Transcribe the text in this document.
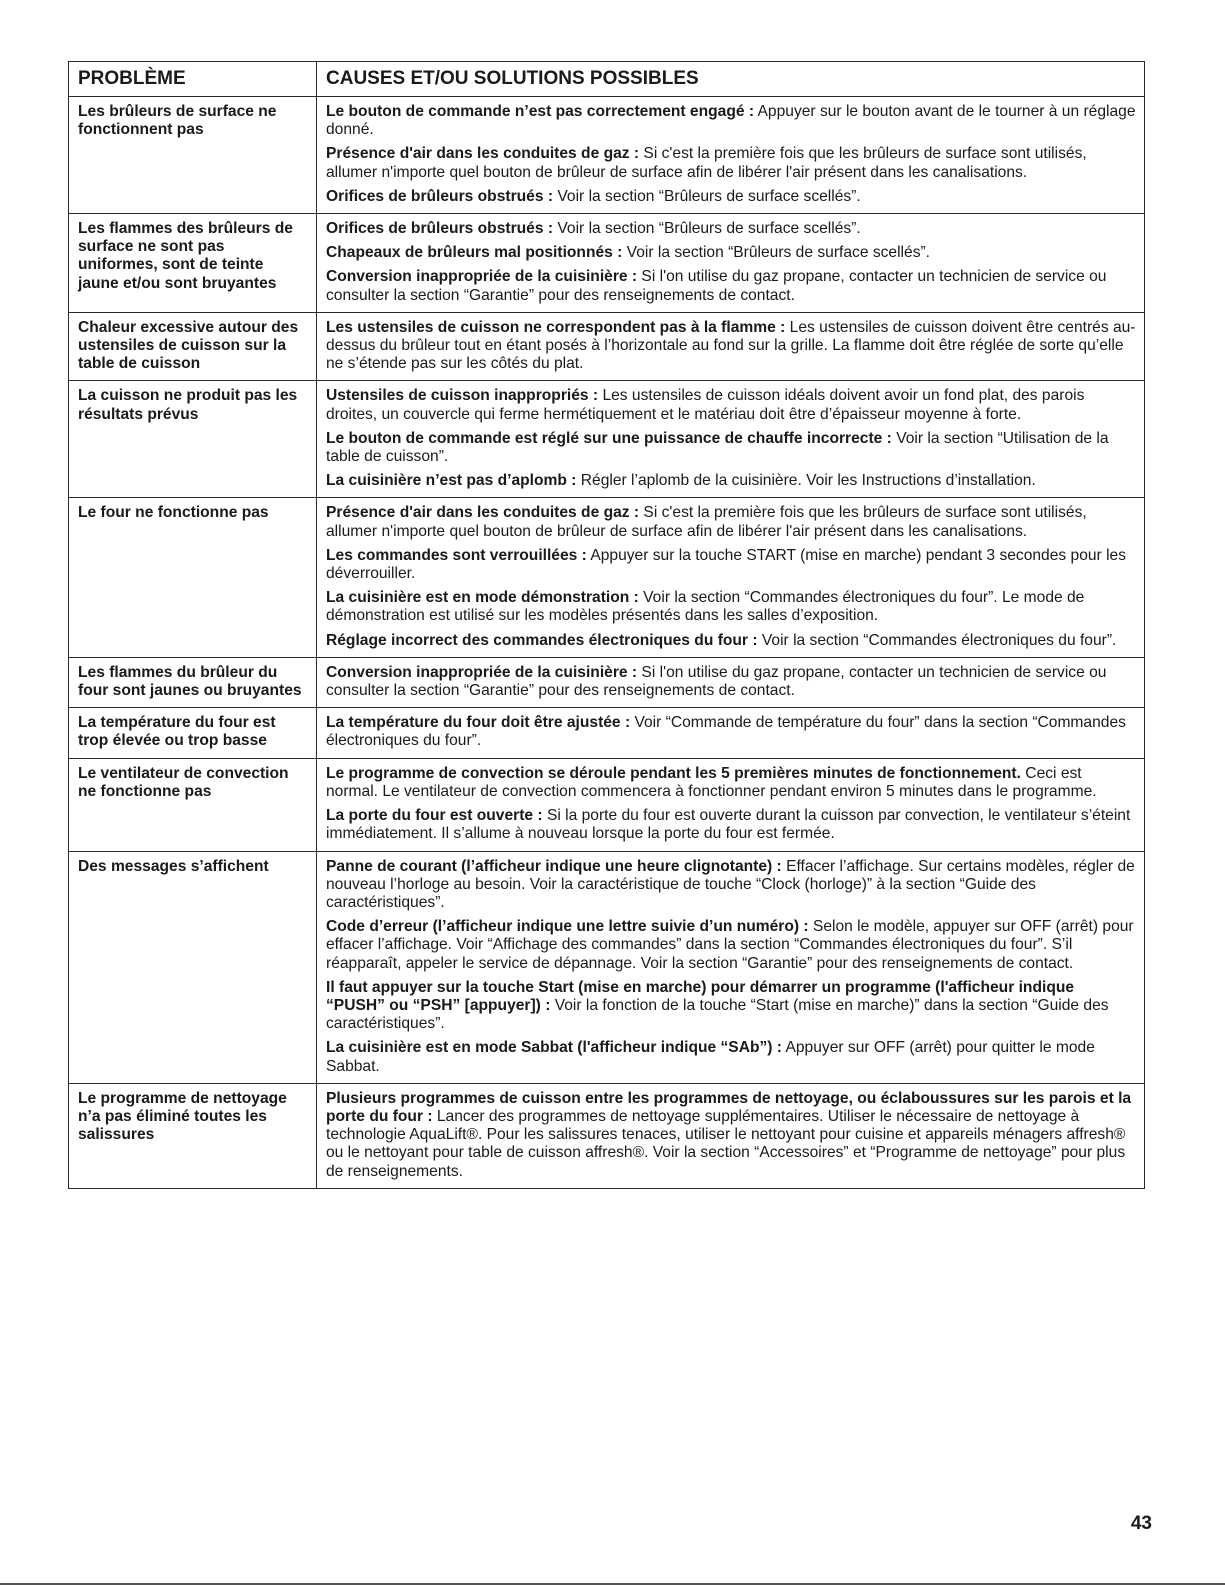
PROBLÈME	CAUSES ET/OU SOLUTIONS POSSIBLES
Les brûleurs de surface ne fonctionnent pas	Le bouton de commande n’est pas correctement engagé : Appuyer sur le bouton avant de le tourner à un réglage donné.
Présence d'air dans les conduites de gaz : Si c'est la première fois que les brûleurs de surface sont utilisés, allumer n'importe quel bouton de brûleur de surface afin de libérer l'air présent dans les canalisations.
Orifices de brûleurs obstrués : Voir la section “Brûleurs de surface scellés”.

Les flammes des brûleurs de surface ne sont pas uniformes, sont de teinte jaune et/ou sont bruyantes	Orifices de brûleurs obstrués : Voir la section “Brûleurs de surface scellés”.
Chapeaux de brûleurs mal positionnés : Voir la section “Brûleurs de surface scellés”.
Conversion inappropriée de la cuisinière : Si l'on utilise du gaz propane, contacter un technicien de service ou consulter la section “Garantie” pour des renseignements de contact.

Chaleur excessive autour des ustensiles de cuisson sur la table de cuisson	Les ustensiles de cuisson ne correspondent pas à la flamme : Les ustensiles de cuisson doivent être centrés au-dessus du brûleur tout en étant posés à l’horizontale au fond sur la grille. La flamme doit être réglée de sorte qu’elle ne s’étende pas sur les côtés du plat.

La cuisson ne produit pas les résultats prévus	Ustensiles de cuisson inappropriés : Les ustensiles de cuisson idéals doivent avoir un fond plat, des parois droites, un couvercle qui ferme hermétiquement et le matériau doit être d’épaisseur moyenne à forte.
Le bouton de commande est réglé sur une puissance de chauffe incorrecte : Voir la section “Utilisation de la table de cuisson”.
La cuisinière n’est pas d’aplomb : Régler l’aplomb de la cuisinière. Voir les Instructions d’installation.

Le four ne fonctionne pas	Présence d'air dans les conduites de gaz : Si c'est la première fois que les brûleurs de surface sont utilisés, allumer n'importe quel bouton de brûleur de surface afin de libérer l'air présent dans les canalisations.
Les commandes sont verrouillées : Appuyer sur la touche START (mise en marche) pendant 3 secondes pour les déverrouiller.
La cuisinière est en mode démonstration : Voir la section “Commandes électroniques du four”. Le mode de démonstration est utilisé sur les modèles présentés dans les salles d’exposition.
Réglage incorrect des commandes électroniques du four : Voir la section “Commandes électroniques du four”.

Les flammes du brûleur du four sont jaunes ou bruyantes	Conversion inappropriée de la cuisinière : Si l'on utilise du gaz propane, contacter un technicien de service ou consulter la section “Garantie” pour des renseignements de contact.

La température du four est trop élevée ou trop basse	La température du four doit être ajustée : Voir “Commande de température du four” dans la section “Commandes électroniques du four”.

Le ventilateur de convection ne fonctionne pas	Le programme de convection se déroule pendant les 5 premières minutes de fonctionnement. Ceci est normal. Le ventilateur de convection commencera à fonctionner pendant environ 5 minutes dans le programme.
La porte du four est ouverte : Si la porte du four est ouverte durant la cuisson par convection, le ventilateur s’éteint immédiatement. Il s’allume à nouveau lorsque la porte du four est fermée.

Des messages s’affichent	Panne de courant (l’afficheur indique une heure clignotante) : Effacer l’affichage. Sur certains modèles, régler de nouveau l’horloge au besoin. Voir la caractéristique de touche “Clock (horloge)” à la section “Guide des caractéristiques”.
Code d’erreur (l’afficheur indique une lettre suivie d’un numéro) : Selon le modèle, appuyer sur OFF (arrêt) pour effacer l’affichage. Voir “Affichage des commandes” dans la section “Commandes électroniques du four”. S’il réapparaît, appeler le service de dépannage. Voir la section “Garantie” pour des renseignements de contact.
Il faut appuyer sur la touche Start (mise en marche) pour démarrer un programme (l'afficheur indique “PUSH” ou “PSH” [appuyer]) : Voir la fonction de la touche “Start (mise en marche)” dans la section “Guide des caractéristiques”.
La cuisinière est en mode Sabbat (l'afficheur indique “SAb”) : Appuyer sur OFF (arrêt) pour quitter le mode Sabbat.

Le programme de nettoyage n’a pas éliminé toutes les salissures	Plusieurs programmes de cuisson entre les programmes de nettoyage, ou éclaboussures sur les parois et la porte du four : Lancer des programmes de nettoyage supplémentaires. Utiliser le nécessaire de nettoyage à technologie AquaLift®. Pour les salissures tenaces, utiliser le nettoyant pour cuisine et appareils ménagers affresh® ou le nettoyant pour table de cuisson affresh®. Voir la section “Accessoires” et “Programme de nettoyage” pour plus de renseignements.
43
